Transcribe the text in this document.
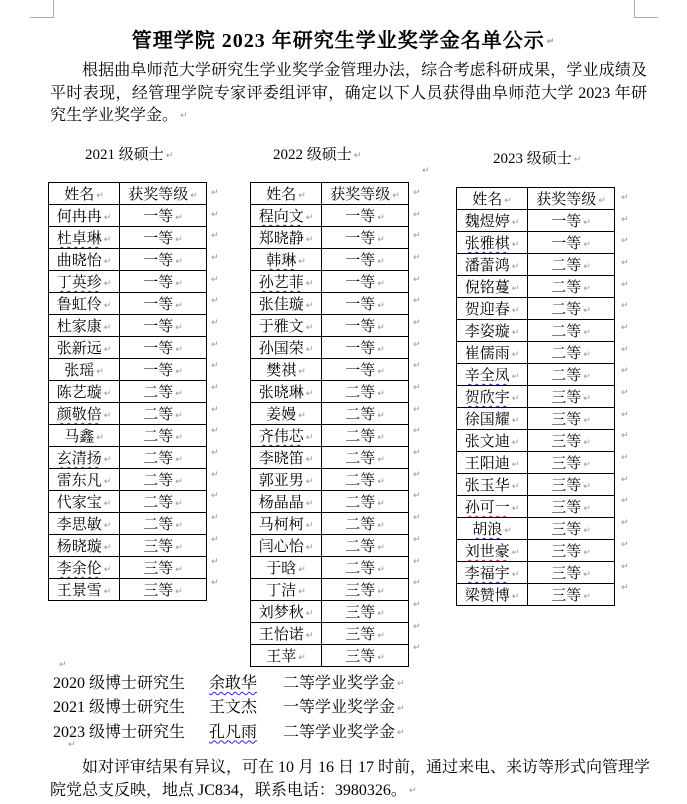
管理学院 2023 年研究生学业奖学金名单公示 ↵

根据曲阜师范大学研究生学业奖学金管理办法，综合考虑科研成果，学业成绩及平时表现，经管理学院专家评委组评审，确定以下人员获得曲阜师范大学 2023 年研究生学业奖学金。 ↵

2021 级硕士 ↵	2022 级硕士 ↵	2023 级硕士 ↵
姓名 ↵	获奖等级 ↵
何冉冉 ↵	一等 ↵
杜卓琳 ↵	一等 ↵
曲晓怡 ↵	一等 ↵
丁英珍 ↵	一等 ↵
鲁虹伶 ↵	一等 ↵
杜家康 ↵	一等 ↵
张新远 ↵	一等 ↵
张瑶 ↵	一等 ↵
陈艺璇 ↵	二等 ↵
颜敬倍 ↵	二等 ↵
马鑫 ↵	二等 ↵
玄清扬 ↵	二等 ↵
雷东凡 ↵	二等 ↵
代家宝 ↵	二等 ↵
李思敏 ↵	二等 ↵
杨晓璇 ↵	三等 ↵
李余伦 ↵	三等 ↵
王景雪 ↵	三等 ↵
姓名 ↵	获奖等级 ↵
程向文 ↵	一等 ↵
郑晓静 ↵	一等 ↵
韩琳 ↵	一等 ↵
孙艺菲 ↵	一等 ↵
张佳璇 ↵	一等 ↵
于雅文 ↵	一等 ↵
孙国荣 ↵	一等 ↵
樊祺 ↵	一等 ↵
张晓琳 ↵	二等 ↵
姜嫚 ↵	二等 ↵
齐伟芯 ↵	二等 ↵
李晓笛 ↵	二等 ↵
郭亚男 ↵	二等 ↵
杨晶晶 ↵	二等 ↵
马柯柯 ↵	二等 ↵
闫心怡 ↵	二等 ↵
于晗 ↵	二等 ↵
丁洁 ↵	三等 ↵
刘梦秋 ↵	三等 ↵
王怡诺 ↵	三等 ↵
王苹 ↵	三等 ↵
姓名 ↵	获奖等级 ↵
魏煜婷 ↵	一等 ↵
张雅棋 ↵	一等 ↵
潘蕾鸿 ↵	二等 ↵
倪铭蔓 ↵	二等 ↵
贺迎春 ↵	二等 ↵
李姿璇 ↵	二等 ↵
崔儒雨 ↵	二等 ↵
辛全凤 ↵	二等 ↵
贺欣宇 ↵	三等 ↵
徐国耀 ↵	三等 ↵
张文迪 ↵	三等 ↵
王阳迪 ↵	三等 ↵
张玉华 ↵	三等 ↵
孙可一 ↵	三等 ↵
胡浪 ↵	三等 ↵
刘世豪 ↵	三等 ↵
李福宇 ↵	三等 ↵
梁赞博 ↵	三等 ↵
↵
↵
↵
↵
↵
↵
↵
↵
↵
↵
↵
↵
↵
↵
↵
↵
↵
↵
↵
↵
↵
↵
↵
↵
↵
↵
↵
↵
↵
↵
↵
↵
↵
↵
↵
↵
↵
↵
↵
↵
↵
↵
↵
↵
↵
↵
↵
↵
↵
↵
↵
↵
↵
↵
↵
↵
↵
↵
↵
↵
2020 级博士研究生 余敢华 二等学业奖学金 ↵
2021 级博士研究生 王文杰 一等学业奖学金 ↵
2023 级博士研究生 孔凡雨 二等学业奖学金 ↵

如对评审结果有异议，可在 10 月 16 日 17 时前，通过来电、来访等形式向管理学院党总支反映，地点 JC834，联系电话：3980326。 ↵

↵
↵
↵
